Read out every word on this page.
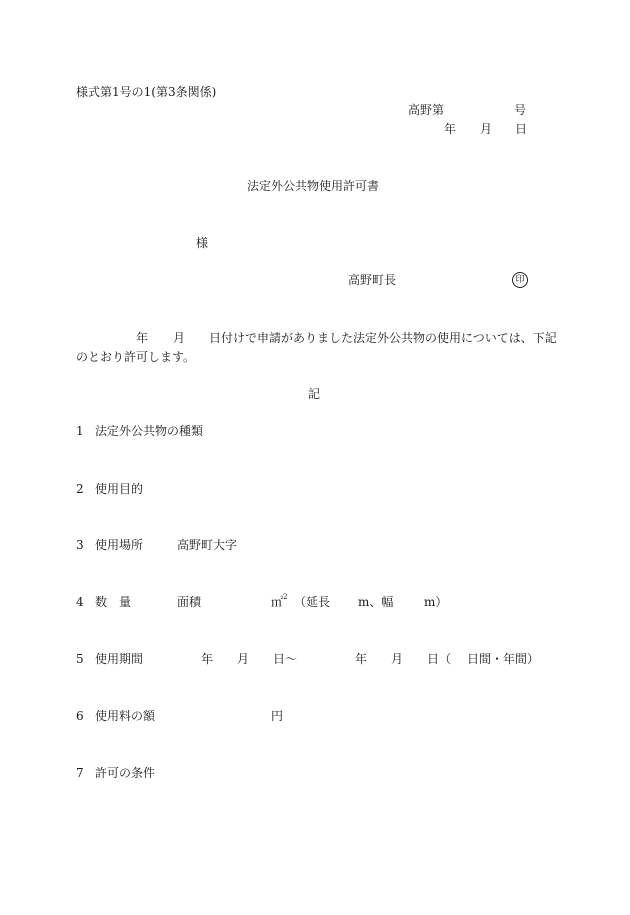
様式第1号の1(第3条関係)
高野第	号
年 月 日
法定外公共物使用許可書
様
高野町長	印
年 月 日付けで申請がありました法定外公共物の使用については、下記
のとおり許可します。
記
1 法定外公共物の種類
2 使用目的
3 使用場所	高野町大字
4 数　量	面積	㎡$^2$ （延長 m、幅	m）
5 使用期間	年 月 日～	年 月 日（ 日間・年間）
6 使用料の額	円
7 許可の条件
